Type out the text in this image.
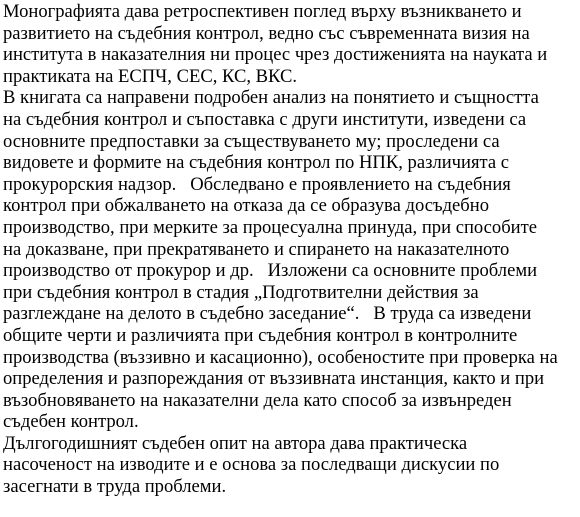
Монографията дава ретроспективен поглед върху възникването и
развитието на съдебния контрол, ведно със съвременната визия на
института в наказателния ни процес чрез достиженията на науката и
практиката на ЕСПЧ, СЕС, КС, ВКС.
В книгата са направени подробен анализ на понятието и същността
на съдебния контрол и съпоставка с други институти, изведени са
основните предпоставки за съществуването му; проследени са
видовете и формите на съдебния контрол по НПК, различията с
прокурорския надзор.   Обследвано е проявлението на съдебния
контрол при обжалването на отказа да се образува досъдебно
производство, при мерките за процесуална принуда, при способите
на доказване, при прекратяването и спирането на наказателното
производство от прокурор и др.   Изложени са основните проблеми
при съдебния контрол в стадия „Подготвителни действия за
разглеждане на делото в съдебно заседание“.   В труда са изведени
общите черти и различията при съдебния контрол в контролните
производства (въззивно и касационно), особеностите при проверка на
определения и разпореждания от въззивната инстанция, както и при
възобновяването на наказателни дела като способ за извънреден
съдебен контрол.
Дългогодишният съдебен опит на автора дава практическа
насоченост на изводите и е основа за последващи дискусии по
засегнати в труда проблеми.
